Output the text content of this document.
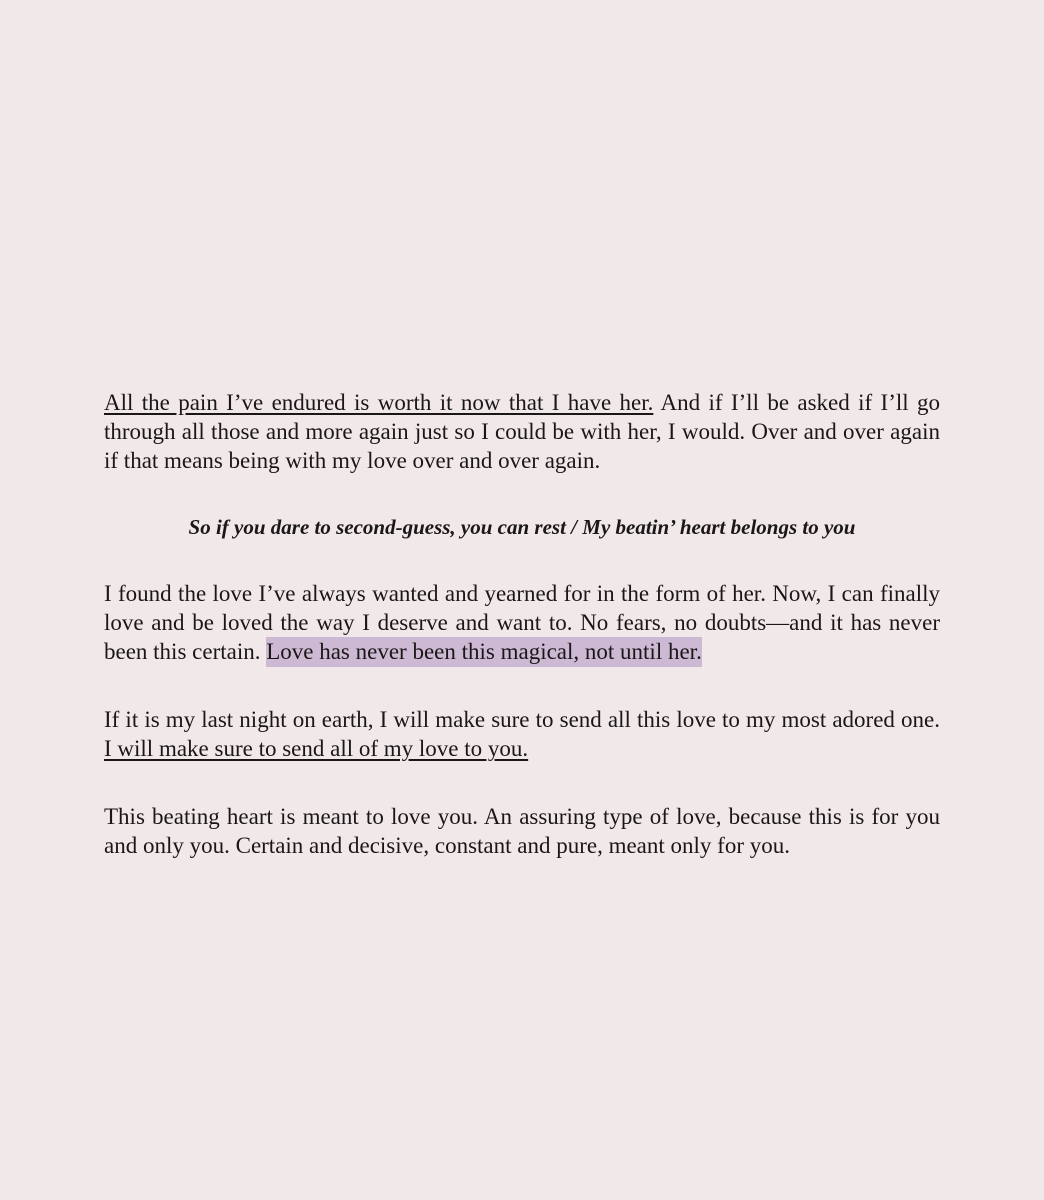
All the pain I’ve endured is worth it now that I have her. And if I’ll be asked if I’ll go through all those and more again just so I could be with her, I would. Over and over again if that means being with my love over and over again.

So if you dare to second-guess, you can rest / My beatin’ heart belongs to you

I found the love I’ve always wanted and yearned for in the form of her. Now, I can finally love and be loved the way I deserve and want to. No fears, no doubts—and it has never been this certain. Love has never been this magical, not until her.

If it is my last night on earth, I will make sure to send all this love to my most adored one. I will make sure to send all of my love to you.

This beating heart is meant to love you. An assuring type of love, because this is for you and only you. Certain and decisive, constant and pure, meant only for you.
